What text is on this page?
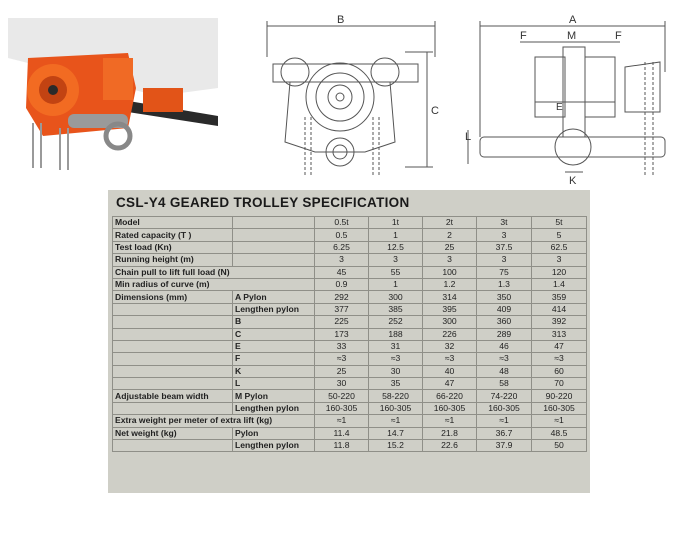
B
C
A
F	M	F
E
L
K
CSL-Y4 GEARED TROLLEY SPECIFICATION
Model		0.5t	1t	2t	3t	5t
Rated capacity (T )		0.5	1	2	3	5
Test load (Kn)		6.25	12.5	25	37.5	62.5
Running height (m)		3	3	3	3	3
Chain pull to lift full load (N)		45	55	100	75	120
Min radius of curve (m)		0.9	1	1.2	1.3	1.4
Dimensions (mm)	A Pylon	292	300	314	350	359
	Lengthen pylon	377	385	395	409	414
	B	225	252	300	360	392
	C	173	188	226	289	313
	E	33	31	32	46	47
	F	≈3	≈3	≈3	≈3	≈3
	K	25	30	40	48	60
	L	30	35	47	58	70
Adjustable beam width	M Pylon	50-220	58-220	66-220	74-220	90-220
	Lengthen pylon	160-305	160-305	160-305	160-305	160-305
Extra weight per meter of extra lift (kg)		≈1	≈1	≈1	≈1	≈1
Net weight (kg)	Pylon	11.4	14.7	21.8	36.7	48.5
	Lengthen pylon	11.8	15.2	22.6	37.9	50
